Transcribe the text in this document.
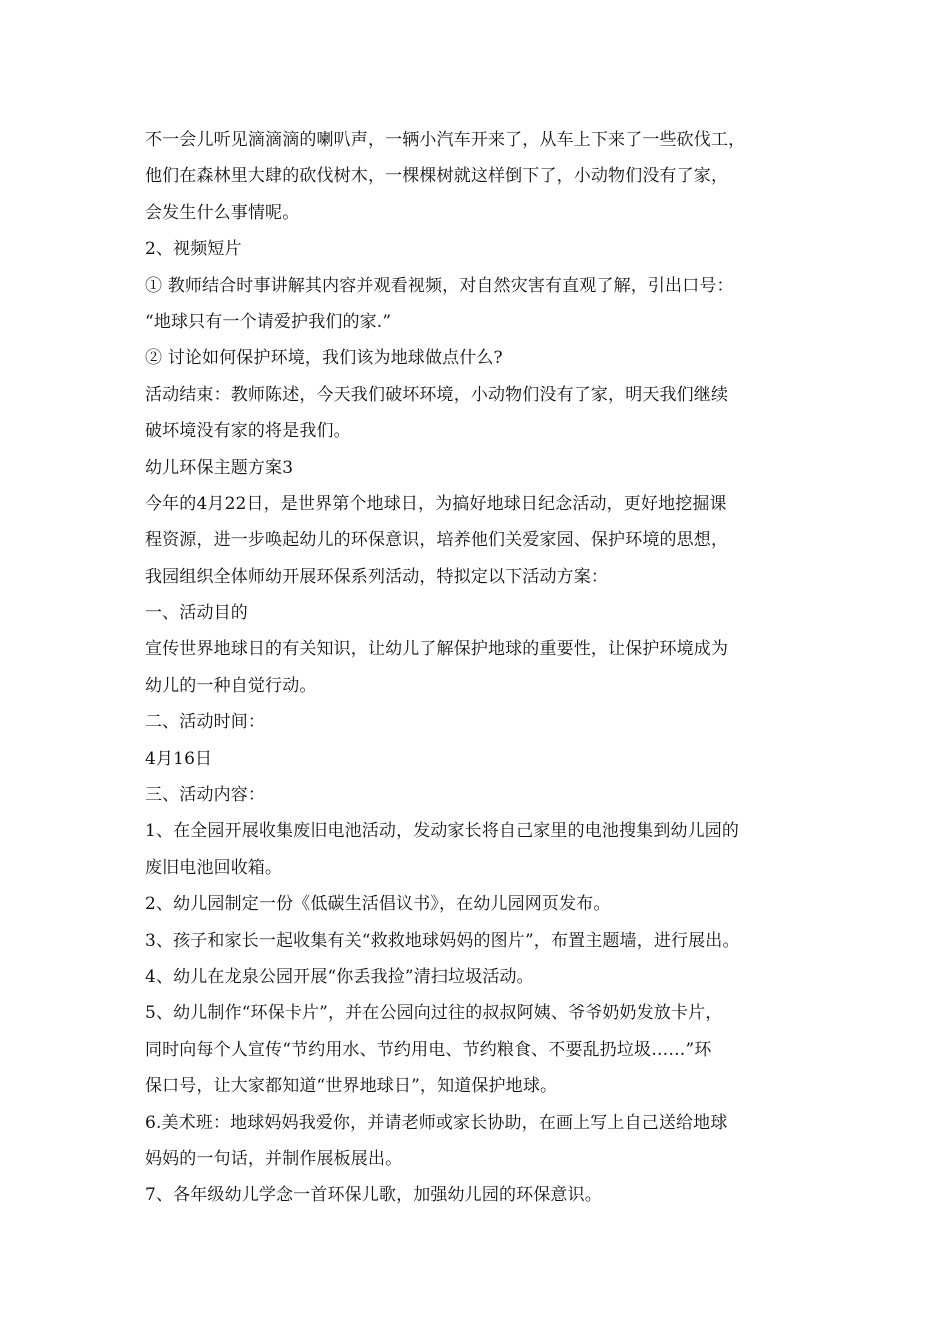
不一会儿听见滴滴滴的喇叭声，一辆小汽车开来了，从车上下来了一些砍伐工，
他们在森林里大肆的砍伐树木，一棵棵树就这样倒下了，小动物们没有了家，
会发生什么事情呢。
2、视频短片
① 教师结合时事讲解其内容并观看视频，对自然灾害有直观了解，引出口号：
“地球只有一个请爱护我们的家.”
② 讨论如何保护环境，我们该为地球做点什么?
活动结束：教师陈述，今天我们破坏环境，小动物们没有了家，明天我们继续
破坏境没有家的将是我们。
幼儿环保主题方案3
今年的4月22日，是世界第个地球日，为搞好地球日纪念活动，更好地挖掘课
程资源，进一步唤起幼儿的环保意识，培养他们关爱家园、保护环境的思想，
我园组织全体师幼开展环保系列活动，特拟定以下活动方案：
一、活动目的
宣传世界地球日的有关知识，让幼儿了解保护地球的重要性，让保护环境成为
幼儿的一种自觉行动。
二、活动时间：
4月16日
三、活动内容：
1、在全园开展收集废旧电池活动，发动家长将自己家里的电池搜集到幼儿园的
废旧电池回收箱。
2、幼儿园制定一份《低碳生活倡议书》，在幼儿园网页发布。
3、孩子和家长一起收集有关“救救地球妈妈的图片”，布置主题墙，进行展出。
4、幼儿在龙泉公园开展“你丢我捡”清扫垃圾活动。
5、幼儿制作“环保卡片”，并在公园向过往的叔叔阿姨、爷爷奶奶发放卡片，
同时向每个人宣传“节约用水、节约用电、节约粮食、不要乱扔垃圾……”环
保口号，让大家都知道“世界地球日”，知道保护地球。
6.美术班：地球妈妈我爱你，并请老师或家长协助，在画上写上自己送给地球
妈妈的一句话，并制作展板展出。
7、各年级幼儿学念一首环保儿歌，加强幼儿园的环保意识。
